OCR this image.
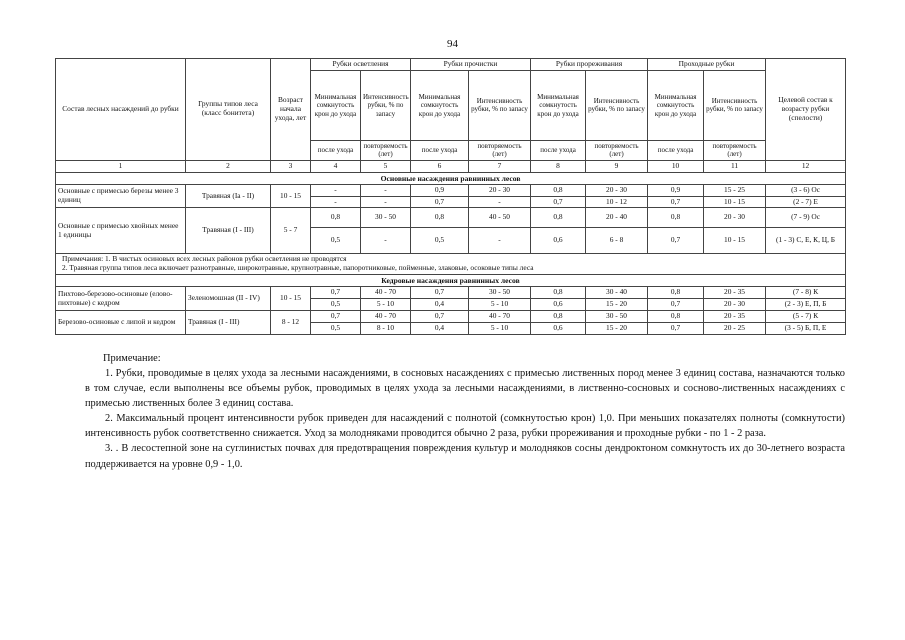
94
Состав лесных насаждений до рубки	Группы типов леса (класс бонитета)	Возраст начала ухода, лет	Рубки осветления		Рубки прочистки		Рубки прореживания		Проходные рубки		Целевой состав к возрасту рубки (спелости)
			Минимальная сомкнутость крон до ухода	Интенсивность рубки, % по запасу	Минимальная сомкнутость крон до ухода	Интенсивность рубки, % по запасу	Минимальная сомкнутость крон до ухода	Интенсивность рубки, % по запасу	Минимальная сомкнутость крон до ухода	Интенсивность рубки, % по запасу	
			после ухода	повторяемость (лет)	после ухода	повторяемость (лет)	после ухода	повторяемость (лет)	после ухода	повторяемость (лет)	
1	2	3	4	5	6	7	8	9	10	11	12
Основные насаждения равнинных лесов											
Основные с примесью березы менее 3 единиц	Травяная (Iа - II)	10 - 15	-	-	0,9	20 - 30	0,8	20 - 30	0,9	15 - 25	(3 - 6) Ос
			-	-	0,7	-	0,7	10 - 12	0,7	10 - 15	(2 - 7) Е
Основные с примесью хвойных менее 1 единицы	Травяная (I - III)	5 - 7	0,8	30 - 50	0,8	40 - 50	0,8	20 - 40	0,8	20 - 30	(7 - 9) Ос
			0,5	-	0,5	-	0,6	6 - 8	0,7	10 - 15	(1 - 3) С, Е, К, Ц, Б

Примечания: 1. В чистых осиновых всех лесных районов рубки осветления не проводятся
2. Травяная группа типов леса включает разнотравные, широкотравные, крупнотравные, папоротниковые, пойменные, злаковые, осоковые типы леса											

Кедровые насаждения равнинных лесов											
Пихтово-березово-осиновые (елово-пихтовые) с кедром	Зеленомошная (II - IV)	10 - 15	0,7	40 - 70	0,7	30 - 50	0,8	30 - 40	0,8	20 - 35	(7 - 8) К
			0,5	5 - 10	0,4	5 - 10	0,6	15 - 20	0,7	20 - 30	(2 - 3) Е, П, Б
Березово-осиновые с липой и кедром	Травяная (I - III)	8 - 12	0,7	40 - 70	0,7	40 - 70	0,8	30 - 50	0,8	20 - 35	(5 - 7) К
			0,5	8 - 10	0,4	5 - 10	0,6	15 - 20	0,7	20 - 25	(3 - 5) Б, П, Е

Примечание:

1. Рубки, проводимые в целях ухода за лесными насаждениями, в сосновых насаждениях с примесью лиственных пород менее 3 единиц состава, назначаются только в том случае, если выполнены все объемы рубок, проводимых в целях ухода за лесными насаждениями, в лиственно-сосновых и сосново-лиственных насаждениях с примесью лиственных более 3 единиц состава.

2. Максимальный процент интенсивности рубок приведен для насаждений с полнотой (сомкнутостью крон) 1,0. При меньших показателях полноты (сомкнутости) интенсивность рубок соответственно снижается. Уход за молодняками проводится обычно 2 раза, рубки прореживания и проходные рубки - по 1 - 2 раза.

3. . В лесостепной зоне на суглинистых почвах для предотвращения повреждения культур и молодняков сосны дендроктоном сомкнутость их до 30-летнего возраста поддерживается на уровне 0,9 - 1,0.
